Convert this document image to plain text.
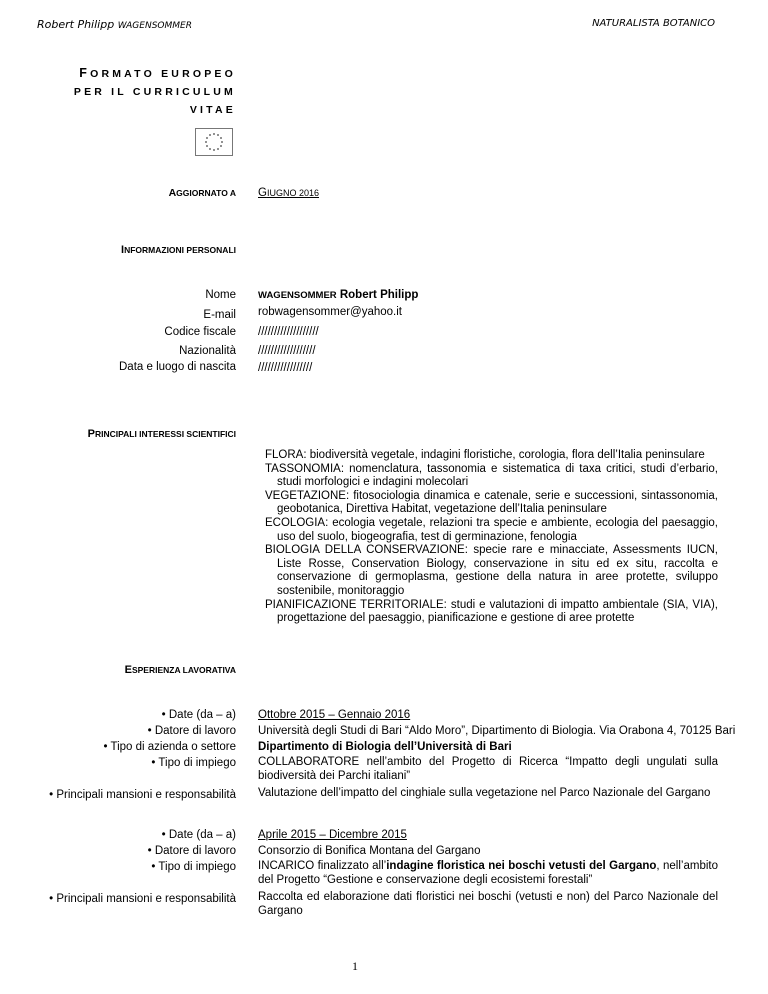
Robert Philipp WAGENSOMMER	NATURALISTA BOTANICO
FORMATO EUROPEO
PER IL CURRICULUM
VITAE
AGGIORNATO A GIUGNO 2016
INFORMAZIONI PERSONALI
Nome WAGENSOMMER Robert Philipp
E-mail robwagensommer@yahoo.it
Codice fiscale ///////////////////
Nazionalità //////////////////
Data e luogo di nascita /////////////////
PRINCIPALI INTERESSI SCIENTIFICI

FLORA: biodiversità vegetale, indagini floristiche, corologia, flora dell’Italia peninsulare

TASSONOMIA: nomenclatura, tassonomia e sistematica di taxa critici, studi d’erbario, studi morfologici e indagini molecolari

VEGETAZIONE: fitosociologia dinamica e catenale, serie e successioni, sintassonomia, geobotanica, Direttiva Habitat, vegetazione dell’Italia peninsulare

ECOLOGIA: ecologia vegetale, relazioni tra specie e ambiente, ecologia del paesaggio, uso del suolo, biogeografia, test di germinazione, fenologia

BIOLOGIA DELLA CONSERVAZIONE: specie rare e minacciate, Assessments IUCN, Liste Rosse, Conservation Biology, conservazione in situ ed ex situ, raccolta e conservazione di germoplasma, gestione della natura in aree protette, sviluppo sostenibile, monitoraggio

PIANIFICAZIONE TERRITORIALE: studi e valutazioni di impatto ambientale (SIA, VIA), progettazione del paesaggio, pianificazione e gestione di aree protette

ESPERIENZA LAVORATIVA
• Date (da – a)
• Datore di lavoro
• Tipo di azienda o settore
• Tipo di impiego
• Principali mansioni e responsabilità
Ottobre 2015 – Gennaio 2016
Università degli Studi di Bari “Aldo Moro”, Dipartimento di Biologia. Via Orabona 4, 70125 Bari
Dipartimento di Biologia dell’Università di Bari
COLLABORATORE nell’ambito del Progetto di Ricerca “Impatto degli ungulati sulla biodiversità dei Parchi italiani”
Valutazione dell’impatto del cinghiale sulla vegetazione nel Parco Nazionale del Gargano
• Date (da – a)
• Datore di lavoro
• Tipo di impiego
• Principali mansioni e responsabilità
Aprile 2015 – Dicembre 2015
Consorzio di Bonifica Montana del Gargano
INCARICO finalizzato all’indagine floristica nei boschi vetusti del Gargano, nell’ambito del Progetto “Gestione e conservazione degli ecosistemi forestali”
Raccolta ed elaborazione dati floristici nei boschi (vetusti e non) del Parco Nazionale del Gargano
1
